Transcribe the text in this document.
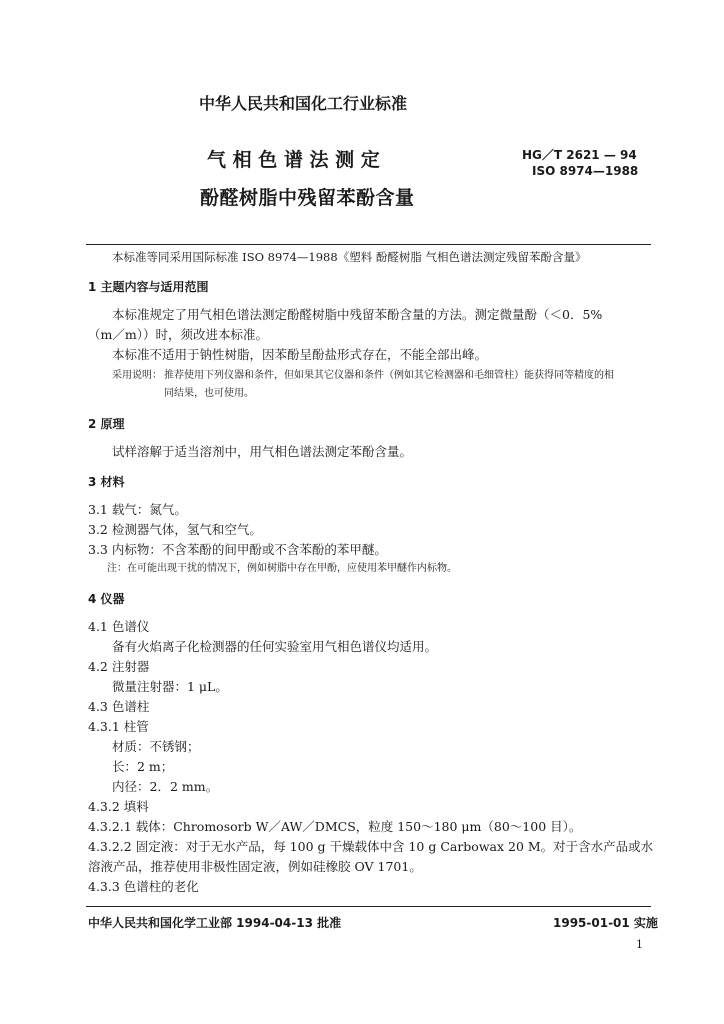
中华人民共和国化工行业标准
气 相 色 谱 法 测 定
酚醛树脂中残留苯酚含量
HG／T 2621 — 94
ISO 8974—1988
本标准等同采用国际标准 ISO 8974—1988《塑料 酚醛树脂 气相色谱法测定残留苯酚含量》
1 主题内容与适用范围
本标准规定了用气相色谱法测定酚醛树脂中残留苯酚含量的方法。测定微量酚（＜0．5%
（m／m））时，须改进本标准。
本标准不适用于钠性树脂，因苯酚呈酚盐形式存在，不能全部出峰。
采用说明： 推荐使用下列仪器和条件，但如果其它仪器和条件（例如其它检测器和毛细管柱）能获得同等精度的相
同结果，也可使用。
2 原理
试样溶解于适当溶剂中，用气相色谱法测定苯酚含量。
3 材料
3.1 载气：氮气。
3.2 检测器气体，氢气和空气。
3.3 内标物：不含苯酚的间甲酚或不含苯酚的苯甲醚。
注：在可能出现干扰的情况下，例如树脂中存在甲酚，应使用苯甲醚作内标物。
4 仪器
4.1 色谱仪
备有火焰离子化检测器的任何实验室用气相色谱仪均适用。
4.2 注射器
微量注射器：1 μL。
4.3 色谱柱
4.3.1 柱管
材质：不锈钢；
长：2 m；
内径：2．2 mm。
4.3.2 填料
4.3.2.1 载体：Chromosorb W／AW／DMCS，粒度 150～180 μm（80～100 目）。
4.3.2.2 固定液：对于无水产品，每 100 g 干燥载体中含 10 g Carbowax 20 M。对于含水产品或水
溶液产品，推荐使用非极性固定液，例如硅橡胶 OV 1701。
4.3.3 色谱柱的老化
中华人民共和国化学工业部 1994-04-13 批准	1995-01-01 实施
1
